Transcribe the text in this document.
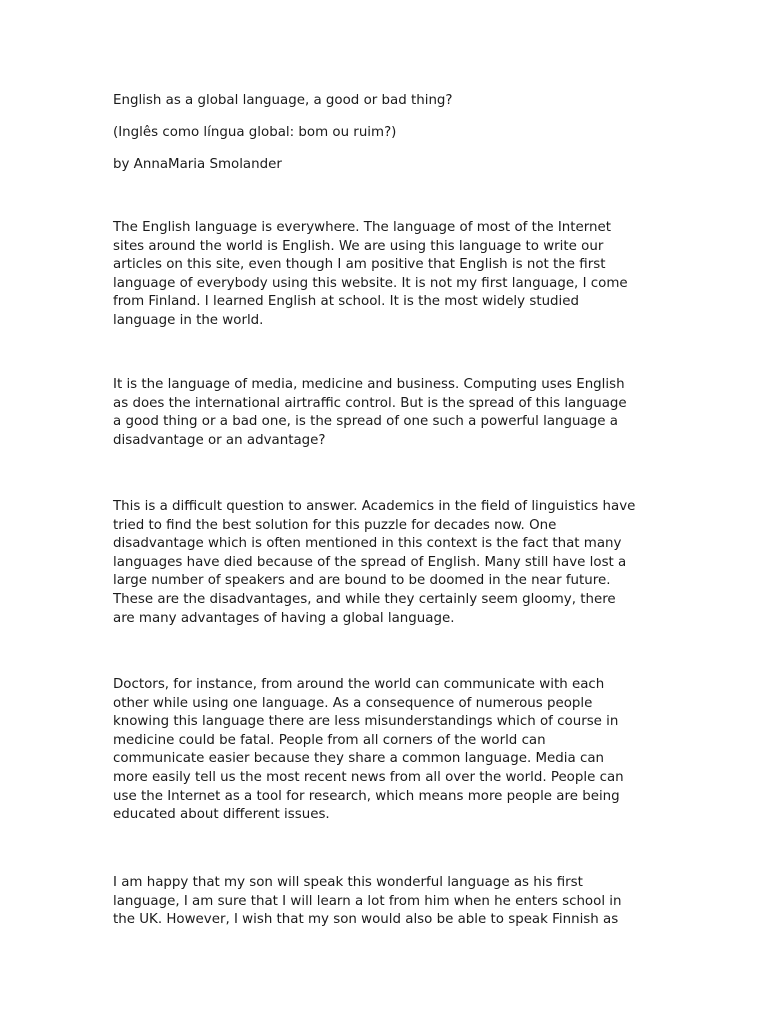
English as a global language, a good or bad thing?

(Inglês como língua global: bom ou ruim?)

by AnnaMaria Smolander

The English language is everywhere. The language of most of the Internet
sites around the world is English. We are using this language to write our
articles on this site, even though I am positive that English is not the first
language of everybody using this website. It is not my first language, I come
from Finland. I learned English at school. It is the most widely studied
language in the world.
It is the language of media, medicine and business. Computing uses English
as does the international airtraffic control. But is the spread of this language
a good thing or a bad one, is the spread of one such a powerful language a
disadvantage or an advantage?
This is a difficult question to answer. Academics in the field of linguistics have
tried to find the best solution for this puzzle for decades now. One
disadvantage which is often mentioned in this context is the fact that many
languages have died because of the spread of English. Many still have lost a
large number of speakers and are bound to be doomed in the near future.
These are the disadvantages, and while they certainly seem gloomy, there
are many advantages of having a global language.
Doctors, for instance, from around the world can communicate with each
other while using one language. As a consequence of numerous people
knowing this language there are less misunderstandings which of course in
medicine could be fatal. People from all corners of the world can
communicate easier because they share a common language. Media can
more easily tell us the most recent news from all over the world. People can
use the Internet as a tool for research, which means more people are being
educated about different issues.
I am happy that my son will speak this wonderful language as his first
language, I am sure that I will learn a lot from him when he enters school in
the UK. However, I wish that my son would also be able to speak Finnish as
